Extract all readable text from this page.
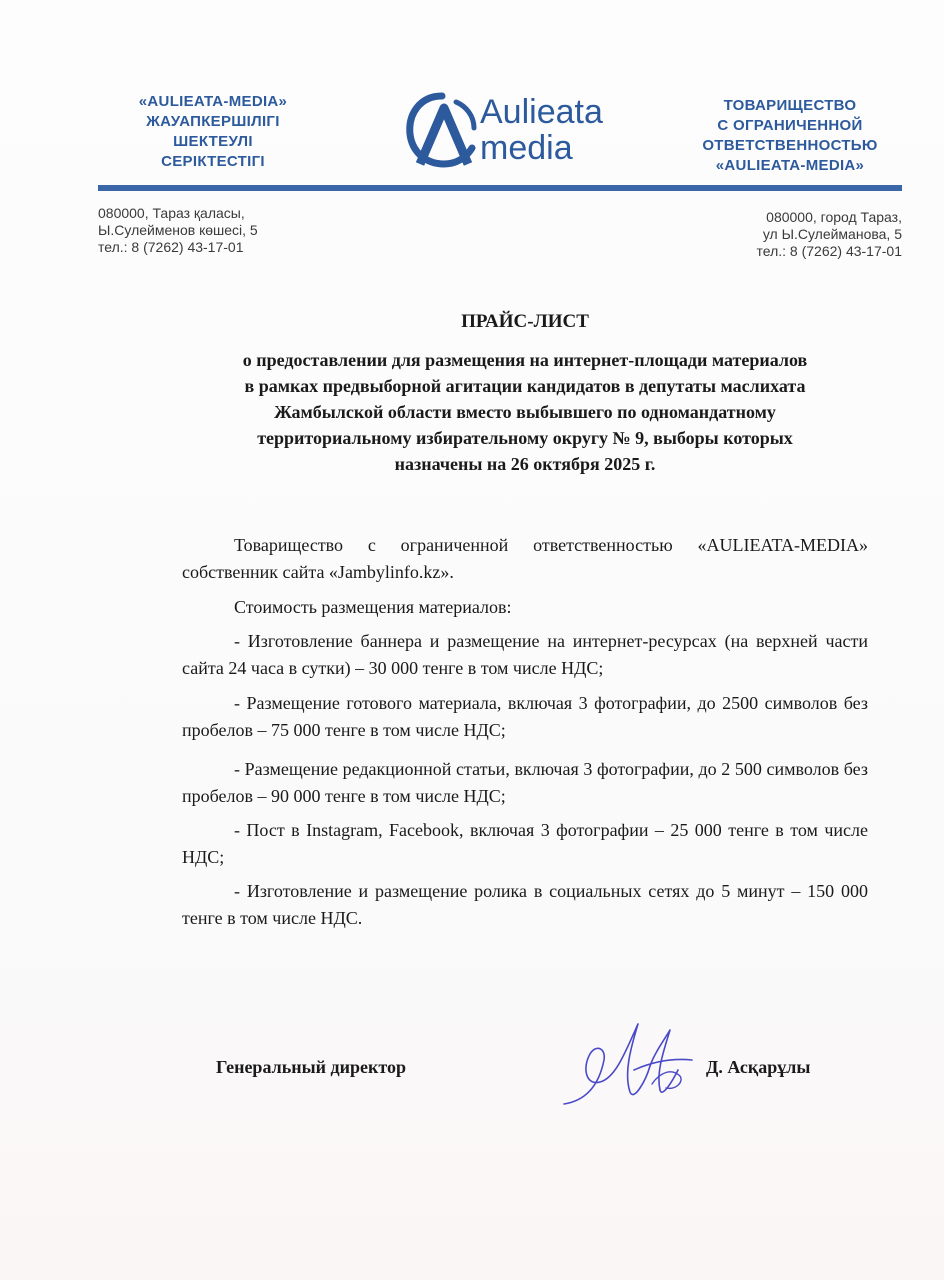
«AULIEATA-MEDIA»
ЖАУАПКЕРШІЛІГІ
ШЕКТЕУЛІ
СЕРІКТЕСТІГІ
Aulieata
media
ТОВАРИЩЕСТВО
С ОГРАНИЧЕННОЙ
ОТВЕТСТВЕННОСТЬЮ
«AULIEATA-MEDIA»
080000, Тараз қаласы,
Ы.Сулейменов көшесі, 5
тел.: 8 (7262) 43-17-01
080000, город Тараз,
ул Ы.Сулейманова, 5
тел.: 8 (7262) 43-17-01
ПРАЙС-ЛИСТ
о предоставлении для размещения на интернет-площади материалов
в рамках предвыборной агитации кандидатов в депутаты маслихата
Жамбылской области вместо выбывшего по одномандатному
территориальному избирательному округу № 9, выборы которых
назначены на 26 октября 2025 г.
Товарищество с ограниченной ответственностью «AULIEATA-MEDIA» собственник сайта «Jambylinfo.kz».
Стоимость размещения материалов:
- Изготовление баннера и размещение на интернет-ресурсах (на верхней части сайта 24 часа в сутки) – 30 000 тенге в том числе НДС;
- Размещение готового материала, включая 3 фотографии, до 2500 символов без пробелов – 75 000 тенге в том числе НДС;
- Размещение редакционной статьи, включая 3 фотографии, до 2 500 символов без пробелов – 90 000 тенге в том числе НДС;
- Пост в Instagram, Facebook, включая 3 фотографии – 25 000 тенге в том числе НДС;
- Изготовление и размещение ролика в социальных сетях до 5 минут – 150 000 тенге в том числе НДС.
Генеральный директор	Д. Асқарұлы
